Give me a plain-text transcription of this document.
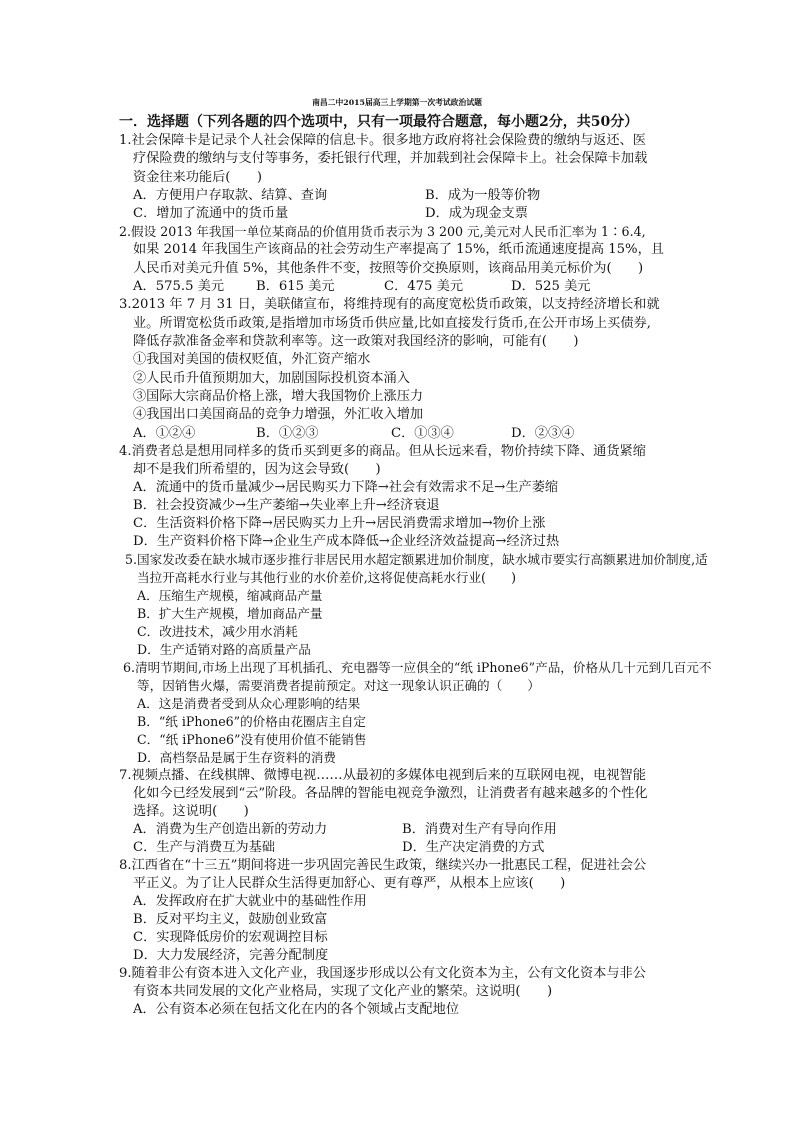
南昌二中2015届高三上学期第一次考试政治试题
一．选择题（下列各题的四个选项中，只有一项最符合题意，每小题2分，共50分）
1.社会保障卡是记录个人社会保障的信息卡。很多地方政府将社会保险费的缴纳与返还、医
疗保险费的缴纳与支付等事务，委托银行代理，并加载到社会保障卡上。社会保障卡加载
资金往来功能后(　　)
A．方便用户存取款、结算、查询	B．成为一般等价物
C．增加了流通中的货币量	D．成为现金支票
2.假设 2013 年我国一单位某商品的价值用货币表示为 3 200 元,美元对人民币汇率为 1∶6.4,
如果 2014 年我国生产该商品的社会劳动生产率提高了 15%，纸币流通速度提高 15%，且
人民币对美元升值 5%，其他条件不变，按照等价交换原则，该商品用美元标价为(　　)
A．575.5 美元 B．615 美元	C．475 美元	D．525 美元
3.2013 年 7 月 31 日，美联储宣布，将维持现有的高度宽松货币政策，以支持经济增长和就
业。所谓宽松货币政策,是指增加市场货币供应量,比如直接发行货币,在公开市场上买债券,
降低存款准备金率和贷款利率等。这一政策对我国经济的影响，可能有(　　)
①我国对美国的债权贬值，外汇资产缩水
②人民币升值预期加大，加剧国际投机资本涌入
③国际大宗商品价格上涨，增大我国物价上涨压力
④我国出口美国商品的竞争力增强，外汇收入增加
A．①②④	B．①②③	C．①③④	D．②③④
4.消费者总是想用同样多的货币买到更多的商品。但从长远来看，物价持续下降、通货紧缩
却不是我们所希望的，因为这会导致(　　)
A．流通中的货币量减少→居民购买力下降→社会有效需求不足→生产萎缩
B．社会投资减少→生产萎缩→失业率上升→经济衰退
C．生活资料价格下降→居民购买力上升→居民消费需求增加→物价上涨
D．生产资料价格下降→企业生产成本降低→企业经济效益提高→经济过热
5.国家发改委在缺水城市逐步推行非居民用水超定额累进加价制度，缺水城市要实行高额累进加价制度,适
当拉开高耗水行业与其他行业的水价差价,这将促使高耗水行业(　　)
A．压缩生产规模，缩减商品产量
B．扩大生产规模，增加商品产量
C．改进技术，减少用水消耗
D．生产适销对路的高质量产品
6.清明节期间,市场上出现了耳机插孔、充电器等一应俱全的“纸 iPhone6”产品，价格从几十元到几百元不
等，因销售火爆，需要消费者提前预定。对这一现象认识正确的（　　）
A．这是消费者受到从众心理影响的结果
B．“纸 iPhone6”的价格由花圈店主自定
C．“纸 iPhone6”没有使用价值不能销售
D．高档祭品是属于生存资料的消费
7.视频点播、在线棋牌、微博电视……从最初的多媒体电视到后来的互联网电视，电视智能
化如今已经发展到“云”阶段。各品牌的智能电视竞争激烈，让消费者有越来越多的个性化
选择。这说明(　　)
A．消费为生产创造出新的劳动力	B．消费对生产有导向作用
C．生产与消费互为基础	D．生产决定消费的方式
8.江西省在“十三五”期间将进一步巩固完善民生政策，继续兴办一批惠民工程，促进社会公
平正义。为了让人民群众生活得更加舒心、更有尊严，从根本上应该(　　)
A．发挥政府在扩大就业中的基础性作用
B．反对平均主义，鼓励创业致富
C．实现降低房价的宏观调控目标
D．大力发展经济，完善分配制度
9.随着非公有资本进入文化产业，我国逐步形成以公有文化资本为主，公有文化资本与非公
有资本共同发展的文化产业格局，实现了文化产业的繁荣。这说明(　　)
A．公有资本必须在包括文化在内的各个领域占支配地位
